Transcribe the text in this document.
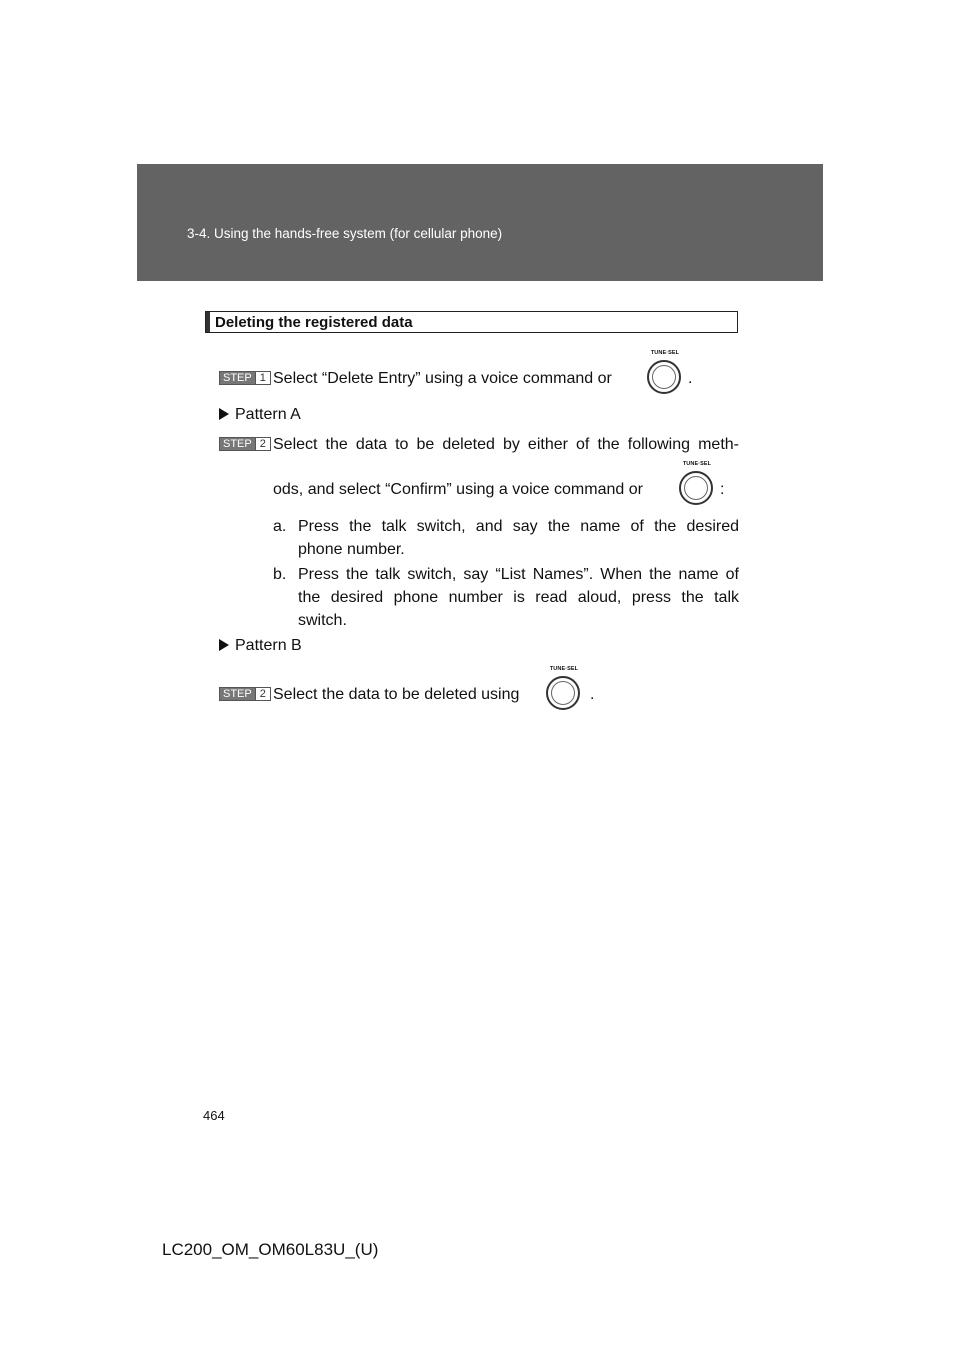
3-4. Using the hands-free system (for cellular phone)
Deleting the registered data
STEP 1 Select “Delete Entry” using a voice command or
TUNE·SEL
.
Pattern A
STEP 2 Select the data to be deleted by either of the following meth-
ods, and select “Confirm” using a voice command or
TUNE·SEL
:
a. Press the talk switch, and say the name of the desired
phone number.
b. Press the talk switch, say “List Names”. When the name of
the desired phone number is read aloud, press the talk
switch.
Pattern B
STEP 2 Select the data to be deleted using
TUNE·SEL
.
464
LC200_OM_OM60L83U_(U)
